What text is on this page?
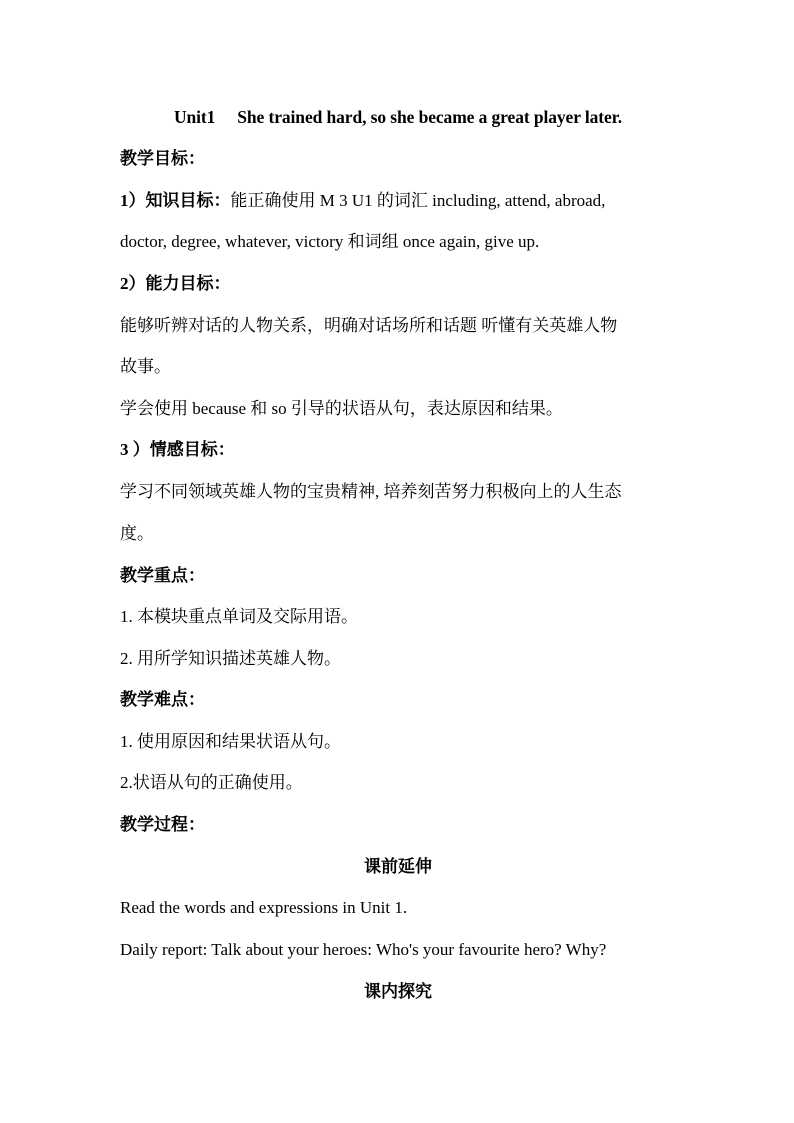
Unit1 She trained hard, so she became a great player later.
教学目标：
1）知识目标：能正确使用 M 3 U1 的词汇 including, attend, abroad,
doctor, degree, whatever, victory 和词组 once again, give up.
2）能力目标：
能够听辨对话的人物关系，明确对话场所和话题 听懂有关英雄人物
故事。
学会使用 because 和 so 引导的状语从句，表达原因和结果。
3 ）情感目标：
学习不同领域英雄人物的宝贵精神, 培养刻苦努力积极向上的人生态
度。
教学重点：
1. 本模块重点单词及交际用语。
2. 用所学知识描述英雄人物。
教学难点：
1. 使用原因和结果状语从句。
2.状语从句的正确使用。
教学过程：
课前延伸
Read the words and expressions in Unit 1.
Daily report: Talk about your heroes: Who's your favourite hero? Why?
课内探究
